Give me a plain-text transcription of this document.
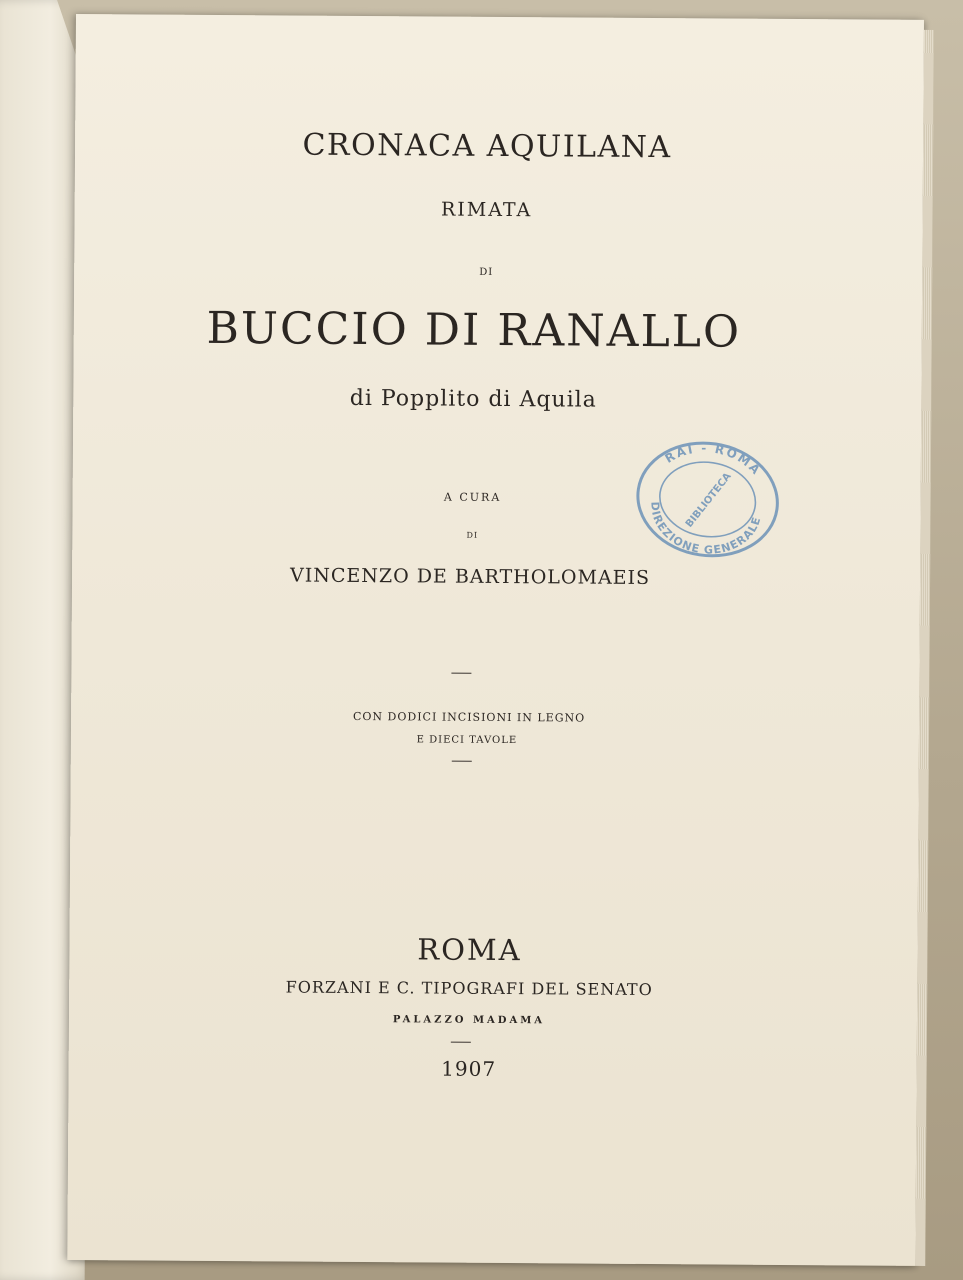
CRONACA AQUILANA
RIMATA
DI
BUCCIO DI RANALLO
di Popplito di Aquila
A CURA
DI
VINCENZO DE BARTHOLOMAEIS
CON DODICI INCISIONI IN LEGNO
E DIECI TAVOLE
ROMA
FORZANI E C. TIPOGRAFI DEL SENATO
PALAZZO MADAMA
1907
RAI - ROMA
DIREZIONE GENERALE
BIBLIOTECA
